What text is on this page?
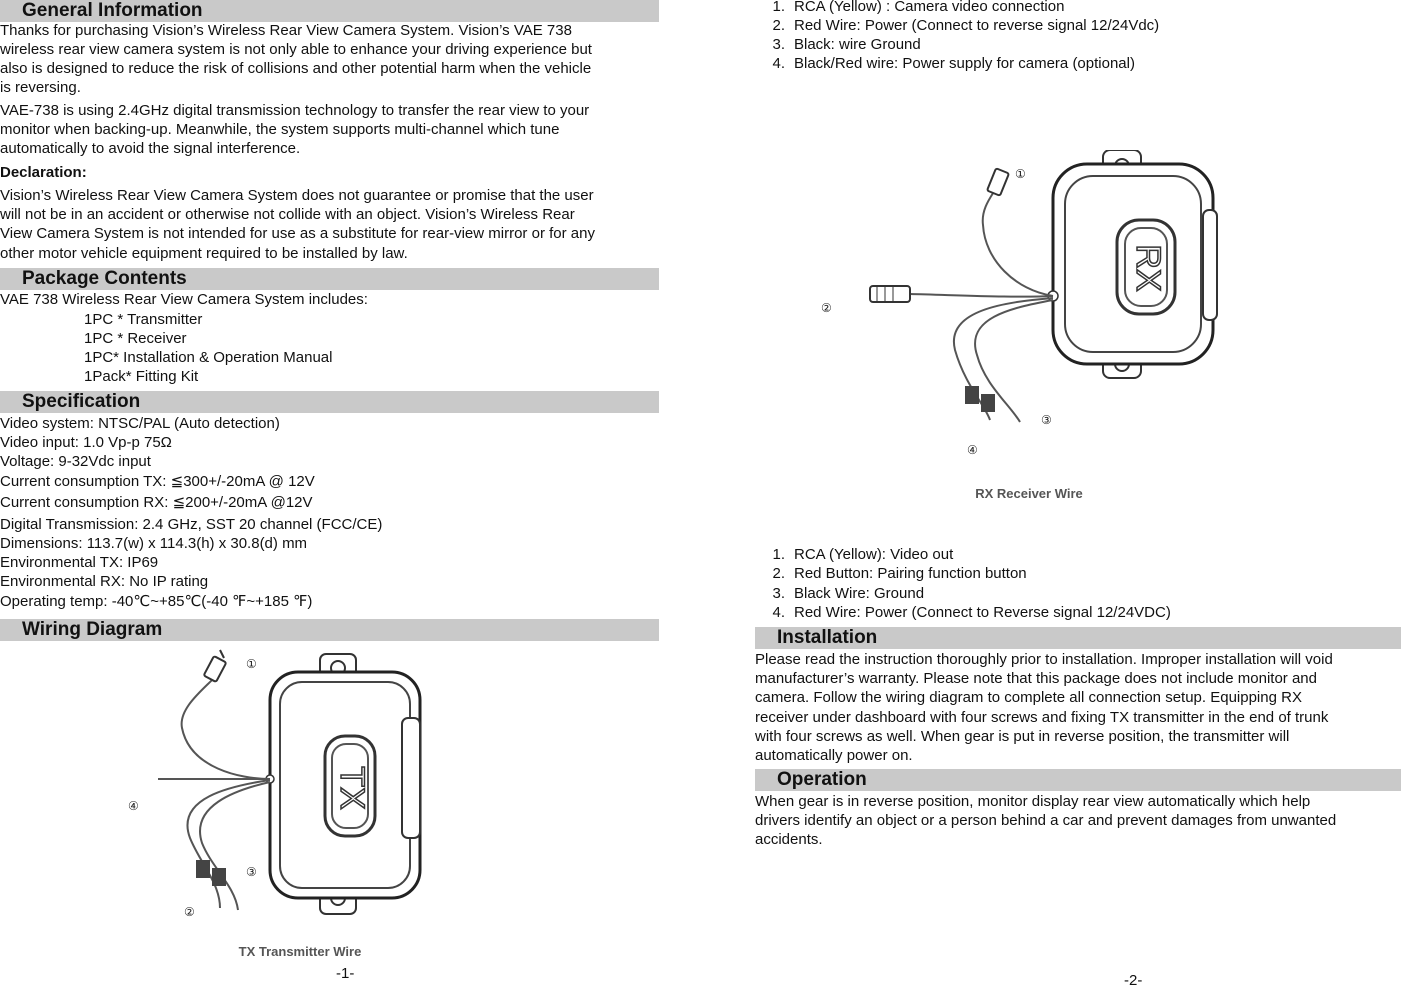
General Information
Thanks for purchasing Vision’s Wireless Rear View Camera System. Vision’s VAE 738
wireless rear view camera system is not only able to enhance your driving experience but
also is designed to reduce the risk of collisions and other potential harm when the vehicle
is reversing.
VAE-738 is using 2.4GHz digital transmission technology to transfer the rear view to your
monitor when backing-up. Meanwhile, the system supports multi-channel which tune
automatically to avoid the signal interference.
Declaration:
Vision’s Wireless Rear View Camera System does not guarantee or promise that the user
will not be in an accident or otherwise not collide with an object. Vision’s Wireless Rear
View Camera System is not intended for use as a substitute for rear-view mirror or for any
other motor vehicle equipment required to be installed by law.
Package Contents
VAE 738 Wireless Rear View Camera System includes:
1PC * Transmitter
1PC * Receiver
1PC* Installation & Operation Manual
1Pack* Fitting Kit
Specification
Video system: NTSC/PAL (Auto detection)
Video input: 1.0 Vp-p 75Ω
Voltage: 9-32Vdc input
Current consumption TX: ≦300+/-20mA @ 12V
Current consumption RX: ≦200+/-20mA @12V
Digital Transmission: 2.4 GHz, SST 20 channel (FCC/CE)
Dimensions: 113.7(w) x 114.3(h) x 30.8(d) mm
Environmental TX: IP69
Environmental RX: No IP rating
Operating temp: -40℃~+85℃(-40 ℉~+185 ℉)
Wiring Diagram
TX
①
②
③
④
TX Transmitter Wire
-1-
1. RCA (Yellow) : Camera video connection
2. Red Wire: Power (Connect to reverse signal 12/24Vdc)
3. Black: wire Ground
4. Black/Red wire: Power supply for camera (optional)
RX
①
②
③
④
RX Receiver Wire
1. RCA (Yellow): Video out
2. Red Button: Pairing function button
3. Black Wire: Ground
4. Red Wire: Power (Connect to Reverse signal 12/24VDC)
Installation
Please read the instruction thoroughly prior to installation. Improper installation will void
manufacturer’s warranty. Please note that this package does not include monitor and
camera. Follow the wiring diagram to complete all connection setup. Equipping RX
receiver under dashboard with four screws and fixing TX transmitter in the end of trunk
with four screws as well. When gear is put in reverse position, the transmitter will
automatically power on.
Operation
When gear is in reverse position, monitor display rear view automatically which help
drivers identify an object or a person behind a car and prevent damages from unwanted
accidents.
-2-
